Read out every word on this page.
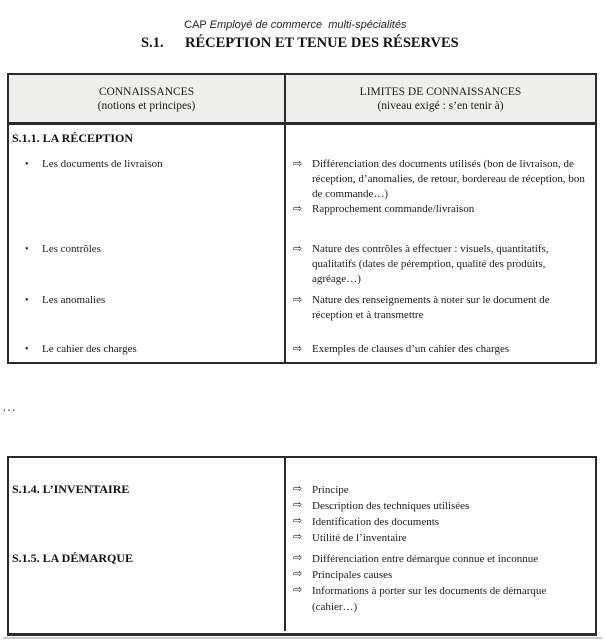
CAP Employé de commerce  multi-spécialités

S.1. RÉCEPTION ET TENUE DES RÉSERVES
CONNAISSANCES
(notions et principes)
LIMITES DE CONNAISSANCES
(niveau exigé : s’en tenir à)
S.1.1. LA RÉCEPTION
•	Les documents de livraison	⇨ Différenciation des documents utilisés (bon de livraison, de réception, d’anomalies, de retour, bordereau de réception, bon de commande…)
⇨ Rapprochement commande/livraison
•	Les contrôles	⇨ Nature des contrôles à effectuer : visuels, quantitatifs, qualitatifs (dates de péremption, qualité des produits, agréage…)
•	Les anomalies	⇨ Nature des renseignements à noter sur le document de réception et à transmettre
•	Le cahier des charges	⇨ Exemples de clauses d’un cahier des charges
…
S.1.4. L’INVENTAIRE	⇨ Principe
⇨ Description des techniques utilisées
⇨ Identification des documents
⇨ Utilité de l’inventaire
S.1.5. LA DÉMARQUE	⇨ Différenciation entre démarque connue et inconnue
⇨ Principales causes
⇨ Informations à porter sur les documents de démarque (cahier…)
